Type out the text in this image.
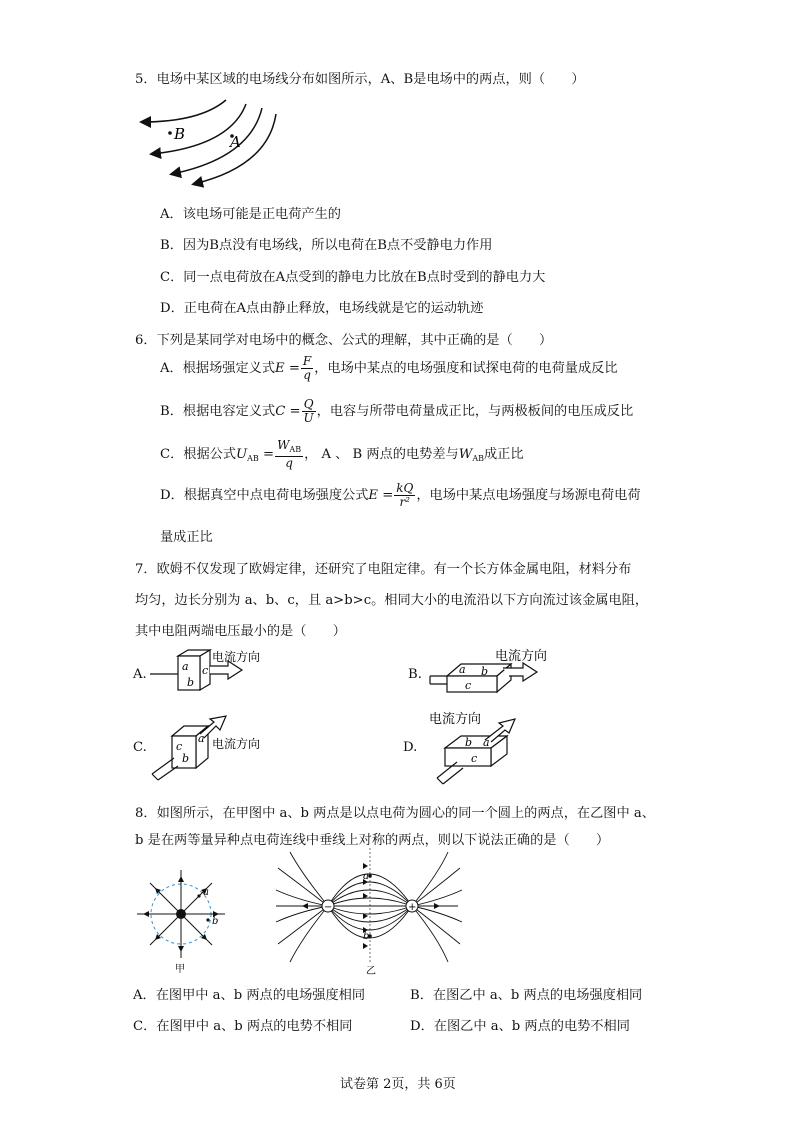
5．电场中某区域的电场线分布如图所示，A、B是电场中的两点，则（　　）
B	A
A．该电场可能是正电荷产生的
B．因为B点没有电场线，所以电荷在B点不受静电力作用
C．同一点电荷放在A点受到的静电力比放在B点时受到的静电力大
D．正电荷在A点由静止释放，电场线就是它的运动轨迹
6．下列是某同学对电场中的概念、公式的理解，其中正确的是（　　）
A．根据场强定义式$E = \frac{F}{q}$ ，电场中某点的电场强度和试探电荷的电荷量成反比
B．根据电容定义式$C = \frac{Q}{U}$ ，电容与所带电荷量成正比，与两极板间的电压成反比
C．根据公式$U_{AB} = \frac{W_{AB}}{q}$ ， A 、 B 两点的电势差与$W_{AB}$成正比
D．根据真空中点电荷电场强度公式$E = \frac{kQ}{\text{r²}}$ ，电场中某点电场强度与场源电荷电荷
量成正比
7．欧姆不仅发现了欧姆定律，还研究了电阻定律。有一个长方体金属电阻，材料分布
均匀，边长分别为 a、b、c，且 a>b>c。相同大小的电流沿以下方向流过该金属电阻，
其中电阻两端电压最小的是（　　）
A.
a
b
c
电流方向
B.	a b
c
电流方向
C.	c
b
a 电流方向	D.	b a
c
电流方向
8．如图所示，在甲图中 a、b 两点是以点电荷为圆心的同一个圆上的两点，在乙图中 a、
b 是在两等量异种点电荷连线中垂线上对称的两点，则以下说法正确的是（　　）
a
b
甲
−	+
a
b
乙
A．在图甲中 a、b 两点的电场强度相同	B．在图乙中 a、b 两点的电场强度相同
C．在图甲中 a、b 两点的电势不相同	D．在图乙中 a、b 两点的电势不相同
试卷第 2页，共 6页
